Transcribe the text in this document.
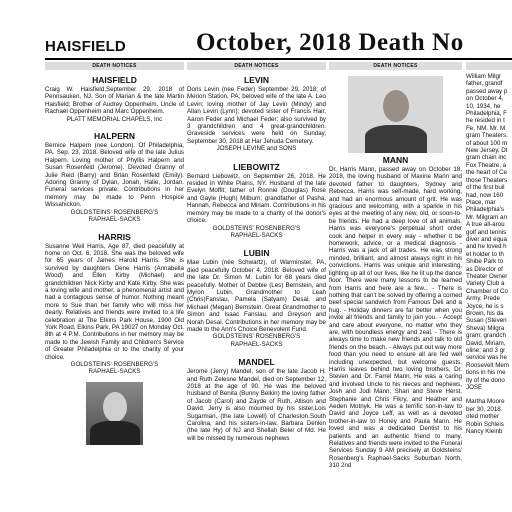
HAISFIELD	October, 2018 Death No
DEATH NOTICES
HAISFIELD

Craig W. Haisfield,September 29, 2018 of Pennsauken, NJ. Son of Marian & the late Martin Haisfield; Brother of Audrey Oppenheim. Uncle of Rachael Oppenheim and Marc Oppenheim.

PLATT MEMORIAL CHAPELS, Inc

HALPERN

Bernice Halpern (nee London). Of Philadelphia, PA. Sep. 23, 2018. Beloved wife of the late Julius Halpern. Loving mother of Phyllis Halpern and Susan Rosenfeld (Jerome). Devoted Granny of Julie Reid (Barry) and Brian Rosenfeld (Emily). Adoring Granny of Dylan, Jonah, Halie, Jordan. Funeral services private. Contributions in her memory may be made to Penn Hospice Wissahickon.

GOLDSTEINS' ROSENBERG'S

RAPHAEL-SACKS

HARRIS

Susanne Weil Harris, Age 87, died peacefully at home on Oct. 6, 2018. She was the beloved wife for 65 years of James Harold Harris. She is survived by daughters Dene Harris (Annabella Wood) and Ellen Kirby (Michael) and grandchildren Nick Kirby and Kate Kirby. She was a loving wife and mother, a phenomenal artist and had a contagious sense of humor. Nothing meant more to Sue than her family who will miss her dearly. Relatives and friends were invited to a life celebration at The Elkins Park House, 1900 Old York Road, Elkins Park, PA 19027 on Monday Oct. 8th at 4 P.M. Contributions in her memory may be made to the Jewish Family and Children's Service of Greater Philadelphia or to the charity of your choice.

GOLDSTEINS' ROSENBERG'S

RAPHAEL-SACKS

DEATH NOTICES
LEVIN

Doris Levin (nee Feder) September 29, 2018; of Merion Station, PA; beloved wife of the late A. Leo Levin; loving mother of Jay Levin (Mindy) and Allan Levin (Lynn); devoted sister of Francis Hair, Aaron Feder and Michael Feder; also survived by 3 grandchildren and 4 great-grandchildren. Graveside services were held on Sunday, September 30, 2018 at Har Jehuda Cemetery.

JOSEPH LEVINE and SONS

LIEBOWITZ

Bernard Liebowitz, on September 26, 2018. He resided in White Plains, NY. Husband of the late Evelyn Moffit; father of Ronnie (Douglas) Rose and Gayle (Hugh) Milburn; grandfather of Pasha, Hannah, Rebecca and Miriam. Contributions in his memory may be made to a charity of the donor's choice.

GOLDSTEINS' ROSENBERG'S

RAPHAEL-SACKS

LUBIN

Mae Lubin (née Schwartz), of Warminster, PA, died peacefully October 4, 2018. Beloved wife of the late Dr. Simon M. Lubin for 68 years died peacefully. Mother of Debbie (Les) Bernstein, and Myron Lubin. Grandmother to Leah (Chris)Fanslau, Pamela (Satyam) Desai, and Michael (Megan) Bernstein. Great Grandmother to Simon and Isaac Fanslau, and Greyson and Norah Desai. Contributions in her memory may be made to the Ann's Choice Benevolent Fund.

GOLDSTEINS' ROSENBERG'S

RAPHAEL-SACKS

MANDEL

Jerome (Jerry) Mandel, son of the late Jacob H. and Ruth Zelesne Mandel, died on September 12, 2018 at the age of 90. He was the beloved husband of Benita (Bunny Belkin) the loving father of Jacob (Carol) and Zayde of Ruth, Allison and David. Jerry is also mourned by his sister,Lois Sugarman, (the late Lowell) of Charleston.South Carolina, and his sisters-in-law, Barbara Denkin (the late Hy) of NJ and Shellah Beler of Md. He will be missed by numerous nephews

DEATH NOTICES
MANN

Dr. Harris Mann, passed away on October 18, 2018, the loving husband of Maxine Mann and devoted father to daughters, Sydney and Rebecca. Harris was self-made, hard working, and had an enormous amount of grit. He was gracious and welcoming, with a sparkle in his eyes at the meeting of any new, old, or soon-to-be friends. He had a deep love of all animals. Harris was everyone's perpetual short order cook and helper in every way - whether it be homework, advice, or a medical diagnosis - Harris was a jack of all trades. He was strong minded, brilliant, and almost always right in his convictions. Harris was unique and interesting, lighting up all of our lives, like he lit up the dance floor. There were many lessons to be learned from Harris and here are a few... - There is nothing that can't be solved by offering a corned beef special sandwich from Famous Deli and a hug. - Holiday dinners are far better when you invite all friends and family to join you. - Accept and care about everyone, no matter who they are, with boundless energy and zeal. - There is always time to make new friends and talk to old friends on the beach. - Always put out way more food than you need to ensure all are fed well including unexpected, but welcome guests. Harris leaves behind two loving brothers, Dr. Steven and Dr. Farrel Mann. He was a caring and involved Uncle to his nieces and nephews, Josh and Jodi Mann, Shari and Steve Herst, Stephanie and Chris Fikry, and Heather and Aeden Motnyk. He was a terrific son-in-law to David and Joyce Leff, as well as a devoted brother-in-law to Honey and Paula Mann. He loved and was a dedicated Dentist to his patients and an authentic friend to many. Relatives and friends were invited to the Funeral Services Sunday 9 AM precisely at Goldsteins' Rosenberg's Raphael-Sacks Suburban North, 310 2nd

William Milgr

father, grandf

passed away p

on October 4,

10, 1934, he

Philadelphia, F

he resided in t

Fe, NM. Mr. M

gram Theaters.

of about 100 m

New Jersey, Dt

gram chain inc

Fox Theatre, a

the heart of Ce

those Theaters

of the first buil

had, now 160

Place, mar

Philadelphia's

Mr. Milgram an

A true all-arou

golf and tennis

diver and equa

and he loved h

et holder to th

Shibe Park to

as Director of

Theater Owner

Variety Club a

Chamber of Co

Army. Prede

Joyce, he is s

Brown, his da

Susan (Steven

Sheva) Milgra

gram; grandch

David, Miriam,

oline; and 3 gr

service was he

Roosevelt Mem

tions in his me

ity of the dono

JOSE

Martha Moore

ber 30, 2018.

oted mother

Robin Schleis

Nancy Kleinb
